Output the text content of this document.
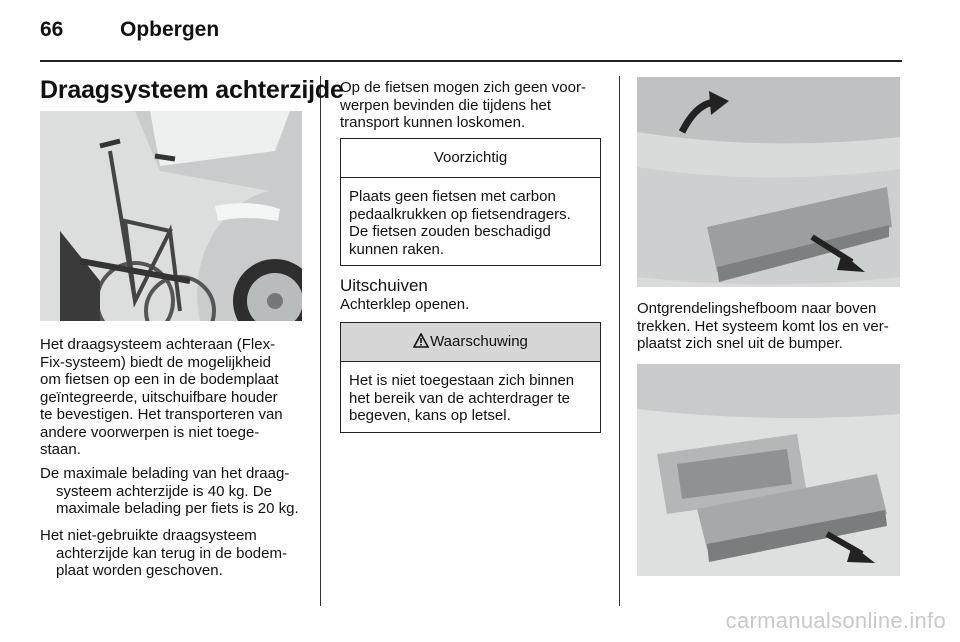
66	Opbergen
Draagsysteem achterzijde
Het draagsysteem achteraan (Flex-
Fix-systeem) biedt de mogelijkheid
om fietsen op een in de bodemplaat
geïntegreerde, uitschuifbare houder
te bevestigen. Het transporteren van
andere voorwerpen is niet toege-
staan.
De maximale belading van het draag-
systeem achterzijde is 40 kg. De
maximale belading per fiets is 20 kg.
Het niet-gebruikte draagsysteem
achterzijde kan terug in de bodem-
plaat worden geschoven.
Op de fietsen mogen zich geen voor-
werpen bevinden die tijdens het
transport kunnen loskomen.
Voorzichtig
Plaats geen fietsen met carbon
pedaalkrukken op fietsendragers.
De fietsen zouden beschadigd
kunnen raken.
Uitschuiven
Achterklep openen.
Waarschuwing
Het is niet toegestaan zich binnen
het bereik van de achterdrager te
begeven, kans op letsel.
Ontgrendelingshefboom naar boven
trekken. Het systeem komt los en ver-
plaatst zich snel uit de bumper.
carmanualsonline.info
